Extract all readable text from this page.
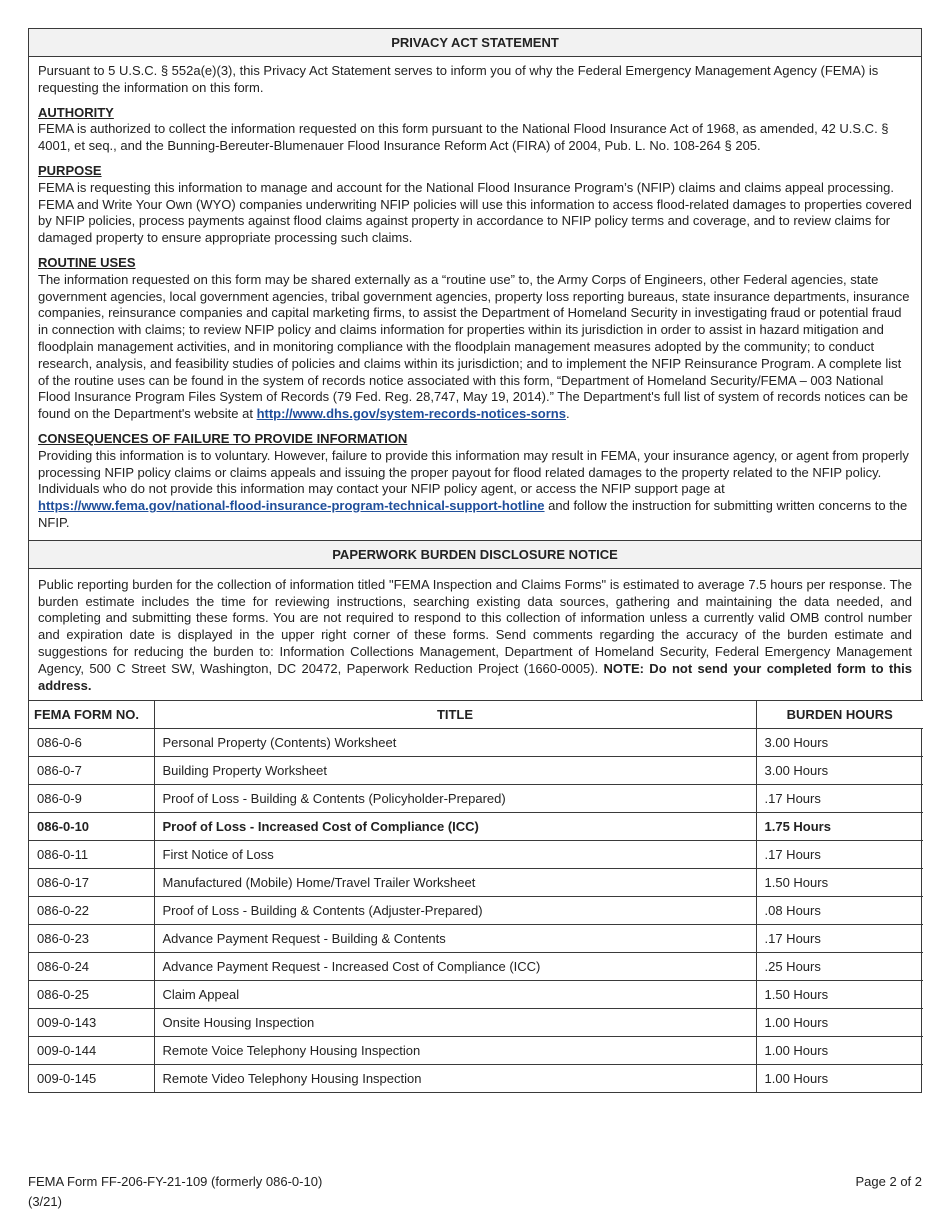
PRIVACY ACT STATEMENT

Pursuant to 5 U.S.C. § 552a(e)(3), this Privacy Act Statement serves to inform you of why the Federal Emergency Management Agency (FEMA) is requesting the information on this form.

AUTHORITY

FEMA is authorized to collect the information requested on this form pursuant to the National Flood Insurance Act of 1968, as amended, 42 U.S.C. § 4001, et seq., and the Bunning-Bereuter-Blumenauer Flood Insurance Reform Act (FIRA) of 2004, Pub. L. No. 108-264 § 205.

PURPOSE

FEMA is requesting this information to manage and account for the National Flood Insurance Program’s (NFIP) claims and claims appeal processing. FEMA and Write Your Own (WYO) companies underwriting NFIP policies will use this information to access flood-related damages to properties covered by NFIP policies, process payments against flood claims against property in accordance to NFIP policy terms and coverage, and to review claims for damaged property to ensure appropriate processing such claims.

ROUTINE USES

The information requested on this form may be shared externally as a “routine use” to, the Army Corps of Engineers, other Federal agencies, state government agencies, local government agencies, tribal government agencies, property loss reporting bureaus, state insurance departments, insurance companies, reinsurance companies and capital marketing firms, to assist the Department of Homeland Security in investigating fraud or potential fraud in connection with claims; to review NFIP policy and claims information for properties within its jurisdiction in order to assist in hazard mitigation and floodplain management activities, and in monitoring compliance with the floodplain management measures adopted by the community; to conduct research, analysis, and feasibility studies of policies and claims within its jurisdiction; and to implement the NFIP Reinsurance Program. A complete list of the routine uses can be found in the system of records notice associated with this form, “Department of Homeland Security/FEMA – 003 National Flood Insurance Program Files System of Records (79 Fed. Reg. 28,747, May 19, 2014).” The Department's full list of system of records notices can be found on the Department's website at http://www.dhs.gov/system-records-notices-sorns.

CONSEQUENCES OF FAILURE TO PROVIDE INFORMATION

Providing this information is to voluntary. However, failure to provide this information may result in FEMA, your insurance agency, or agent from properly processing NFIP policy claims or claims appeals and issuing the proper payout for flood related damages to the property related to the NFIP policy. Individuals who do not provide this information may contact your NFIP policy agent, or access the NFIP support page at https://www.fema.gov/national-flood-insurance-program-technical-support-hotline and follow the instruction for submitting written concerns to the NFIP.

PAPERWORK BURDEN DISCLOSURE NOTICE
Public reporting burden for the collection of information titled "FEMA Inspection and Claims Forms" is estimated to average 7.5 hours per response. The burden estimate includes the time for reviewing instructions, searching existing data sources, gathering and maintaining the data needed, and completing and submitting these forms. You are not required to respond to this collection of information unless a currently valid OMB control number and expiration date is displayed in the upper right corner of these forms. Send comments regarding the accuracy of the burden estimate and suggestions for reducing the burden to: Information Collections Management, Department of Homeland Security, Federal Emergency Management Agency, 500 C Street SW, Washington, DC 20472, Paperwork Reduction Project (1660-0005). NOTE: Do not send your completed form to this address.
FEMA FORM NO.	TITLE	BURDEN HOURS
086-0-6	Personal Property (Contents) Worksheet	3.00 Hours
086-0-7	Building Property Worksheet	3.00 Hours
086-0-9	Proof of Loss - Building & Contents (Policyholder-Prepared)	.17 Hours
086-0-10	Proof of Loss - Increased Cost of Compliance (ICC)	1.75 Hours
086-0-11	First Notice of Loss	.17 Hours
086-0-17	Manufactured (Mobile) Home/Travel Trailer Worksheet	1.50 Hours
086-0-22	Proof of Loss - Building & Contents (Adjuster-Prepared)	.08 Hours
086-0-23	Advance Payment Request - Building & Contents	.17 Hours
086-0-24	Advance Payment Request - Increased Cost of Compliance (ICC)	.25 Hours
086-0-25	Claim Appeal	1.50 Hours
009-0-143	Onsite Housing Inspection	1.00 Hours
009-0-144	Remote Voice Telephony Housing Inspection	1.00 Hours
009-0-145	Remote Video Telephony Housing Inspection	1.00 Hours
FEMA Form FF-206-FY-21-109 (formerly 086-0-10)
(3/21)
Page 2 of 2
